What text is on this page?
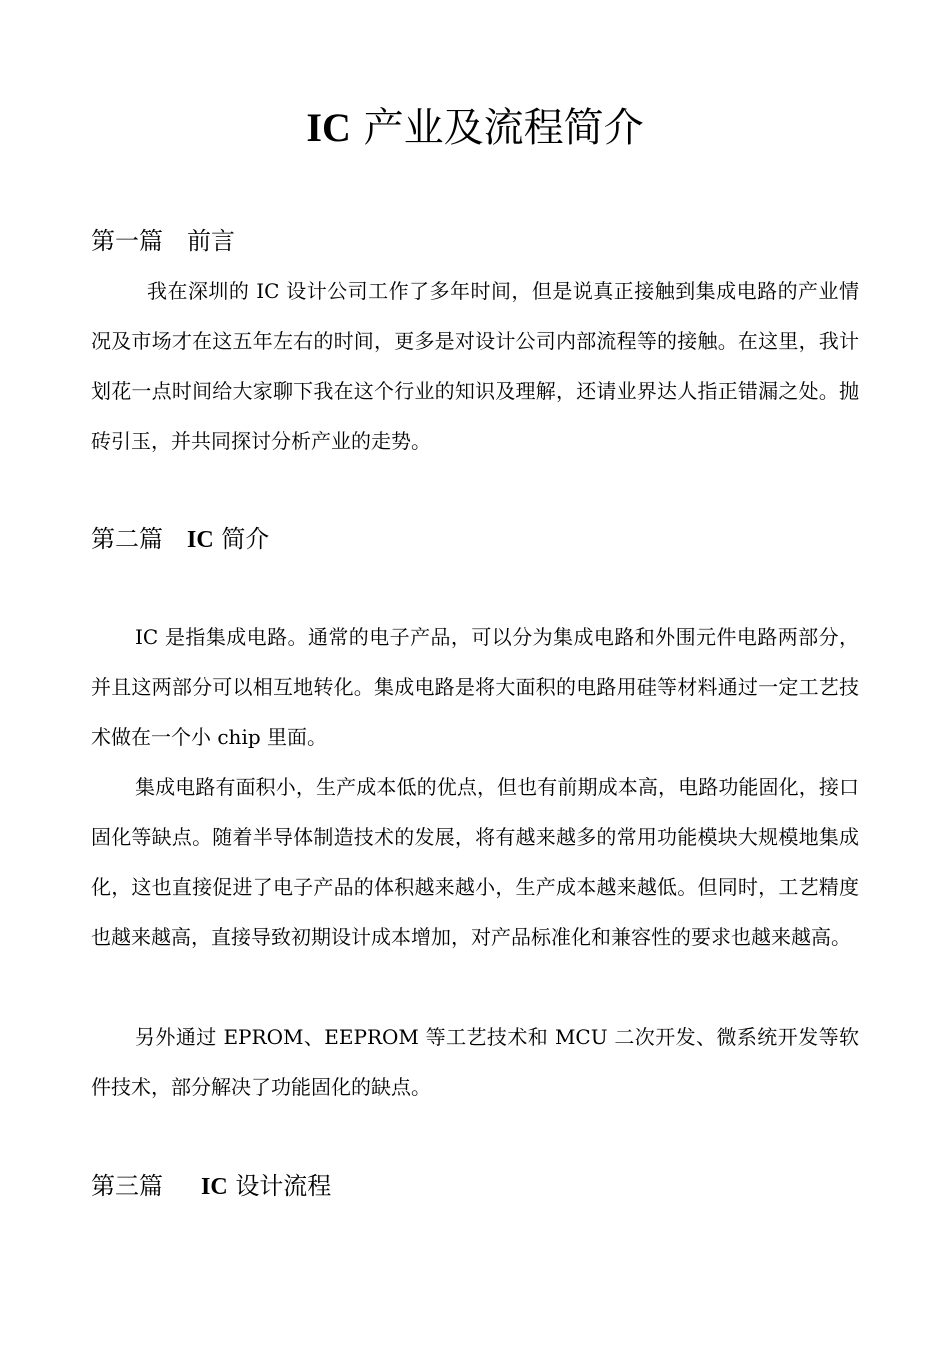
IC 产业及流程简介
第一篇 前言

我在深圳的 IC 设计公司工作了多年时间，但是说真正接触到集成电路的产业情况及市场才在这五年左右的时间，更多是对设计公司内部流程等的接触。在这里，我计划花一点时间给大家聊下我在这个行业的知识及理解，还请业界达人指正错漏之处。抛砖引玉，并共同探讨分析产业的走势。

第二篇 IC 简介

IC 是指集成电路。通常的电子产品，可以分为集成电路和外围元件电路两部分，并且这两部分可以相互地转化。集成电路是将大面积的电路用硅等材料通过一定工艺技术做在一个小 chip 里面。

集成电路有面积小，生产成本低的优点，但也有前期成本高，电路功能固化，接口固化等缺点。随着半导体制造技术的发展，将有越来越多的常用功能模块大规模地集成化，这也直接促进了电子产品的体积越来越小，生产成本越来越低。但同时，工艺精度也越来越高，直接导致初期设计成本增加，对产品标准化和兼容性的要求也越来越高。

另外通过 EPROM、EEPROM 等工艺技术和 MCU 二次开发、微系统开发等软件技术，部分解决了功能固化的缺点。

第三篇 IC 设计流程
